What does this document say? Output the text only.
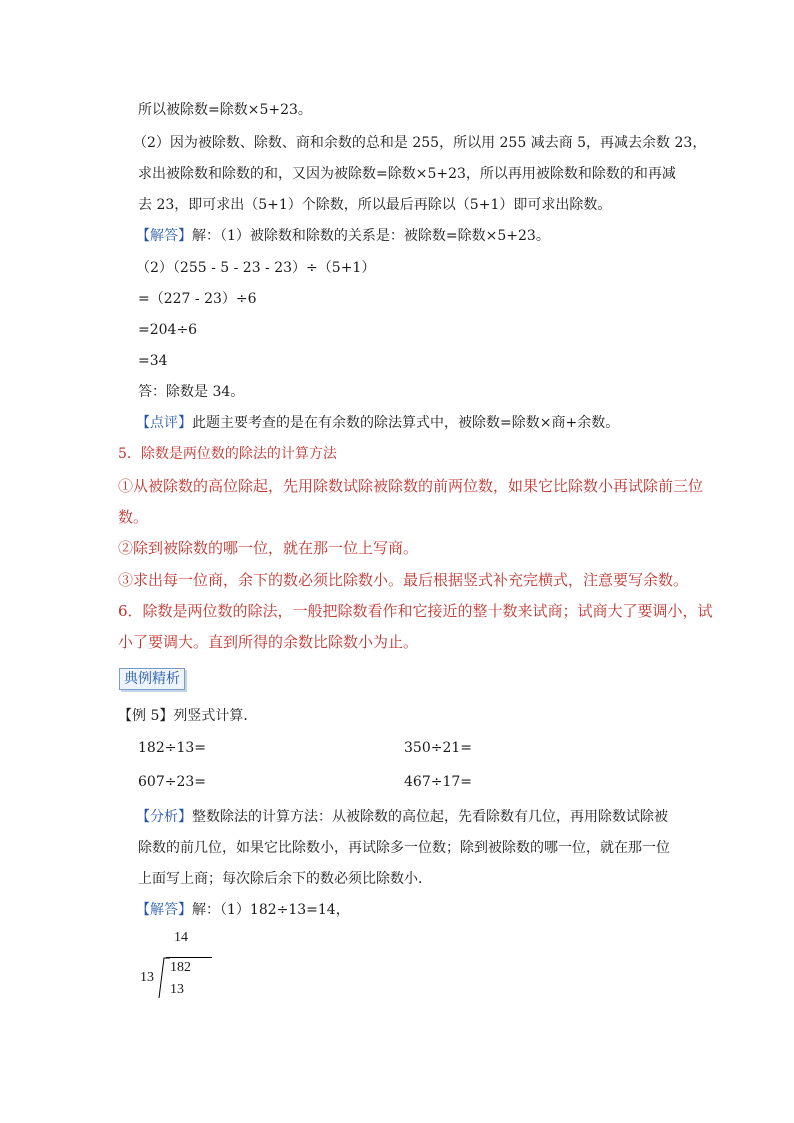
所以被除数=除数×5+23。
（2）因为被除数、除数、商和余数的总和是 255，所以用 255 减去商 5，再减去余数 23，
求出被除数和除数的和，又因为被除数=除数×5+23，所以再用被除数和除数的和再减
去 23，即可求出（5+1）个除数，所以最后再除以（5+1）即可求出除数。
【解答】解：（1）被除数和除数的关系是：被除数=除数×5+23。
（2）（255 - 5 - 23 - 23）÷（5+1）
=（227 - 23）÷6
=204÷6
=34
答：除数是 34。
【点评】此题主要考查的是在有余数的除法算式中，被除数=除数×商+余数。
5．除数是两位数的除法的计算方法
①从被除数的高位除起，先用除数试除被除数的前两位数，如果它比除数小再试除前三位
数。
②除到被除数的哪一位，就在那一位上写商。
③求出每一位商，余下的数必须比除数小。最后根据竖式补充完横式，注意要写余数。
6．除数是两位数的除法，一般把除数看作和它接近的整十数来试商；试商大了要调小，试
小了要调大。直到所得的余数比除数小为止。
典例精析
【例 5】列竖式计算．
182÷13=	350÷21=
607÷23=	467÷17=
【分析】整数除法的计算方法：从被除数的高位起，先看除数有几位，再用除数试除被
除数的前几位，如果它比除数小，再试除多一位数；除到被除数的哪一位，就在那一位
上面写上商；每次除后余下的数必须比除数小．
【解答】解：（1）182÷13=14，
14
13
182
13
